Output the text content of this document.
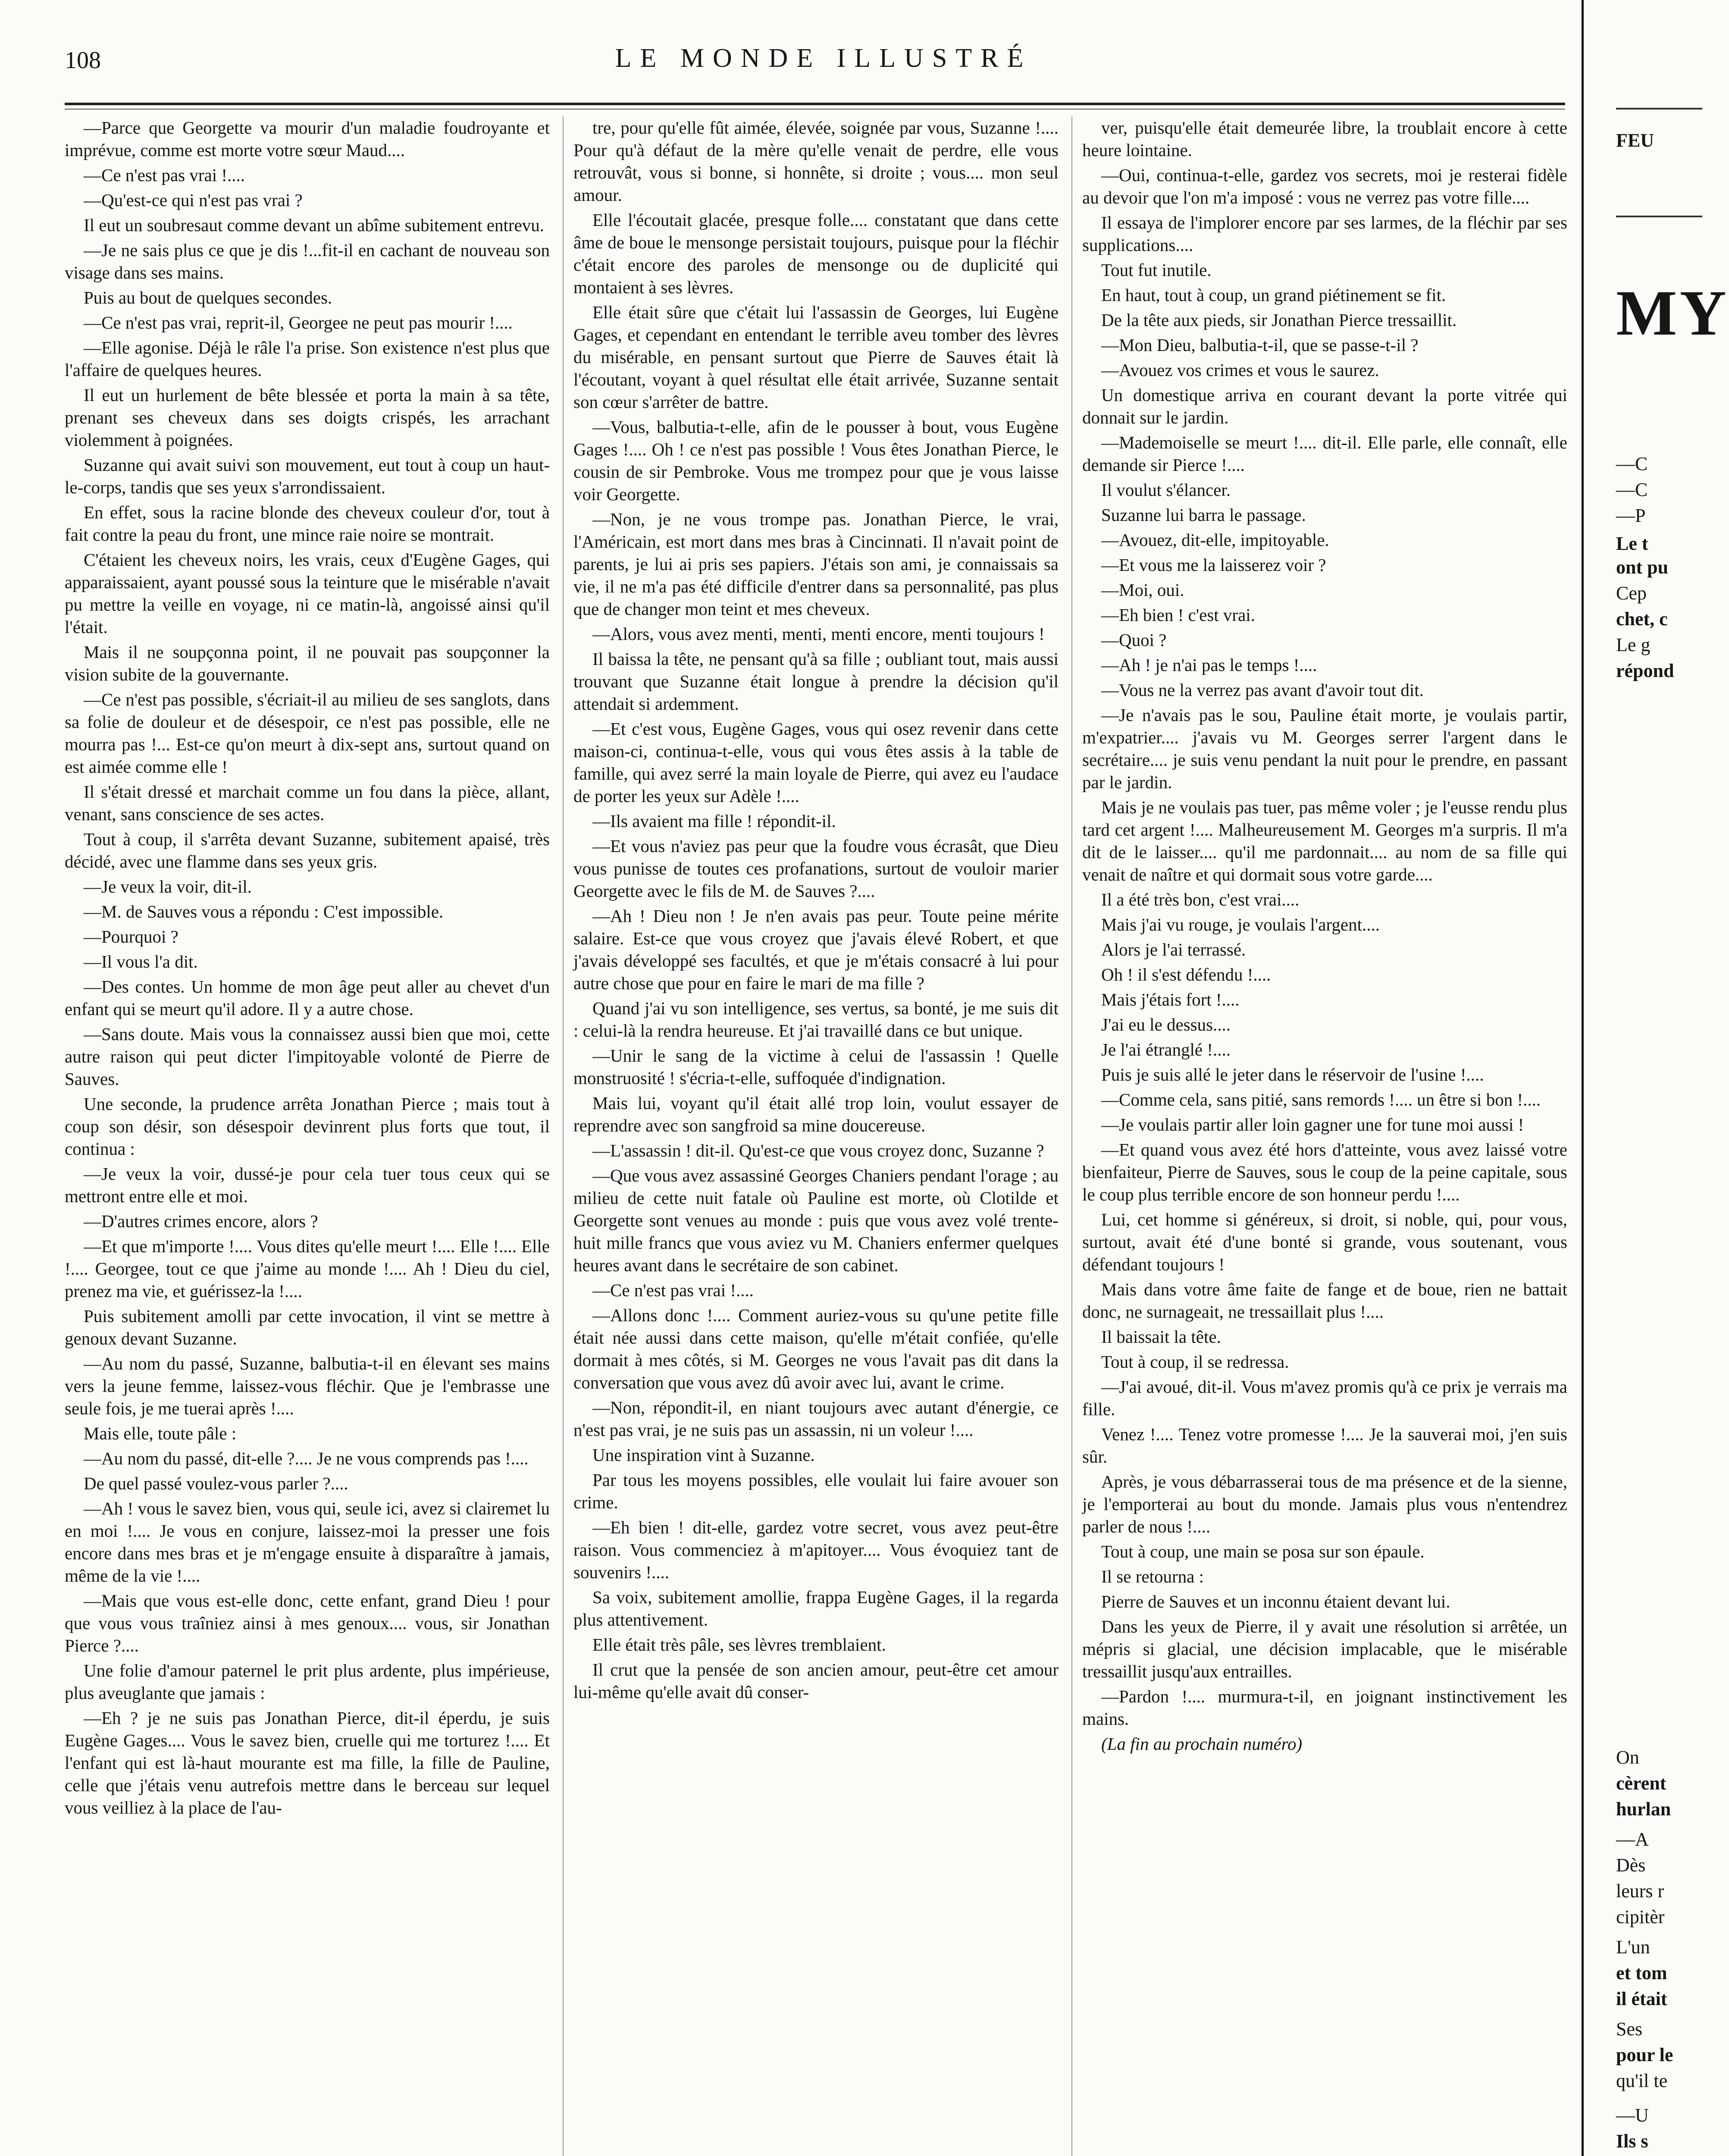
108	LE MONDE ILLUSTRÉ

—Parce que Georgette va mourir d'un maladie foudroyante et imprévue, comme est morte votre sœur Maud....

—Ce n'est pas vrai !....

—Qu'est-ce qui n'est pas vrai ?

Il eut un soubresaut comme devant un abîme subitement entrevu.

—Je ne sais plus ce que je dis !...fit-il en cachant de nouveau son visage dans ses mains.

Puis au bout de quelques secondes.

—Ce n'est pas vrai, reprit-il, Georgee ne peut pas mourir !....

—Elle agonise. Déjà le râle l'a prise. Son existence n'est plus que l'affaire de quelques heures.

Il eut un hurlement de bête blessée et porta la main à sa tête, prenant ses cheveux dans ses doigts crispés, les arrachant violemment à poignées.

Suzanne qui avait suivi son mouvement, eut tout à coup un haut-le-corps, tandis que ses yeux s'arrondissaient.

En effet, sous la racine blonde des cheveux couleur d'or, tout à fait contre la peau du front, une mince raie noire se montrait.

C'étaient les cheveux noirs, les vrais, ceux d'Eugène Gages, qui apparaissaient, ayant poussé sous la teinture que le misérable n'avait pu mettre la veille en voyage, ni ce matin-là, angoissé ainsi qu'il l'était.

Mais il ne soupçonna point, il ne pouvait pas soupçonner la vision subite de la gouvernante.

—Ce n'est pas possible, s'écriait-il au milieu de ses sanglots, dans sa folie de douleur et de désespoir, ce n'est pas possible, elle ne mourra pas !... Est-ce qu'on meurt à dix-sept ans, surtout quand on est aimée comme elle !

Il s'était dressé et marchait comme un fou dans la pièce, allant, venant, sans conscience de ses actes.

Tout à coup, il s'arrêta devant Suzanne, subitement apaisé, très décidé, avec une flamme dans ses yeux gris.

—Je veux la voir, dit-il.

—M. de Sauves vous a répondu : C'est impossible.

—Pourquoi ?

—Il vous l'a dit.

—Des contes. Un homme de mon âge peut aller au chevet d'un enfant qui se meurt qu'il adore. Il y a autre chose.

—Sans doute. Mais vous la connaissez aussi bien que moi, cette autre raison qui peut dicter l'impitoyable volonté de Pierre de Sauves.

Une seconde, la prudence arrêta Jonathan Pierce ; mais tout à coup son désir, son désespoir devinrent plus forts que tout, il continua :

—Je veux la voir, dussé-je pour cela tuer tous ceux qui se mettront entre elle et moi.

—D'autres crimes encore, alors ?

—Et que m'importe !.... Vous dites qu'elle meurt !.... Elle !.... Elle !.... Georgee, tout ce que j'aime au monde !.... Ah ! Dieu du ciel, prenez ma vie, et guérissez-la !....

Puis subitement amolli par cette invocation, il vint se mettre à genoux devant Suzanne.

—Au nom du passé, Suzanne, balbutia-t-il en élevant ses mains vers la jeune femme, laissez-vous fléchir. Que je l'embrasse une seule fois, je me tuerai après !....

Mais elle, toute pâle :

—Au nom du passé, dit-elle ?.... Je ne vous comprends pas !....

De quel passé voulez-vous parler ?....

—Ah ! vous le savez bien, vous qui, seule ici, avez si clairemet lu en moi !.... Je vous en conjure, laissez-moi la presser une fois encore dans mes bras et je m'engage ensuite à disparaître à jamais, même de la vie !....

—Mais que vous est-elle donc, cette enfant, grand Dieu ! pour que vous vous traîniez ainsi à mes genoux.... vous, sir Jonathan Pierce ?....

Une folie d'amour paternel le prit plus ardente, plus impérieuse, plus aveuglante que jamais :

—Eh ? je ne suis pas Jonathan Pierce, dit-il éperdu, je suis Eugène Gages.... Vous le savez bien, cruelle qui me torturez !.... Et l'enfant qui est là-haut mourante est ma fille, la fille de Pauline, celle que j'étais venu autrefois mettre dans le berceau sur lequel vous veilliez à la place de l'au-

tre, pour qu'elle fût aimée, élevée, soignée par vous, Suzanne !.... Pour qu'à défaut de la mère qu'elle venait de perdre, elle vous retrouvât, vous si bonne, si honnête, si droite ; vous.... mon seul amour.

Elle l'écoutait glacée, presque folle.... constatant que dans cette âme de boue le mensonge persistait toujours, puisque pour la fléchir c'était encore des paroles de mensonge ou de duplicité qui montaient à ses lèvres.

Elle était sûre que c'était lui l'assassin de Georges, lui Eugène Gages, et cependant en entendant le terrible aveu tomber des lèvres du misérable, en pensant surtout que Pierre de Sauves était là l'écoutant, voyant à quel résultat elle était arrivée, Suzanne sentait son cœur s'arrêter de battre.

—Vous, balbutia-t-elle, afin de le pousser à bout, vous Eugène Gages !.... Oh ! ce n'est pas possible ! Vous êtes Jonathan Pierce, le cousin de sir Pembroke. Vous me trompez pour que je vous laisse voir Georgette.

—Non, je ne vous trompe pas. Jonathan Pierce, le vrai, l'Américain, est mort dans mes bras à Cincinnati. Il n'avait point de parents, je lui ai pris ses papiers. J'étais son ami, je connaissais sa vie, il ne m'a pas été difficile d'entrer dans sa personnalité, pas plus que de changer mon teint et mes cheveux.

—Alors, vous avez menti, menti, menti encore, menti toujours !

Il baissa la tête, ne pensant qu'à sa fille ; oubliant tout, mais aussi trouvant que Suzanne était longue à prendre la décision qu'il attendait si ardemment.

—Et c'est vous, Eugène Gages, vous qui osez revenir dans cette maison-ci, continua-t-elle, vous qui vous êtes assis à la table de famille, qui avez serré la main loyale de Pierre, qui avez eu l'audace de porter les yeux sur Adèle !....

—Ils avaient ma fille ! répondit-il.

—Et vous n'aviez pas peur que la foudre vous écrasât, que Dieu vous punisse de toutes ces profanations, surtout de vouloir marier Georgette avec le fils de M. de Sauves ?....

—Ah ! Dieu non ! Je n'en avais pas peur. Toute peine mérite salaire. Est-ce que vous croyez que j'avais élevé Robert, et que j'avais développé ses facultés, et que je m'étais consacré à lui pour autre chose que pour en faire le mari de ma fille ?

Quand j'ai vu son intelligence, ses vertus, sa bonté, je me suis dit : celui-là la rendra heureuse. Et j'ai travaillé dans ce but unique.

—Unir le sang de la victime à celui de l'assassin ! Quelle monstruosité ! s'écria-t-elle, suffoquée d'indignation.

Mais lui, voyant qu'il était allé trop loin, voulut essayer de reprendre avec son sangfroid sa mine doucereuse.

—L'assassin ! dit-il. Qu'est-ce que vous croyez donc, Suzanne ?

—Que vous avez assassiné Georges Chaniers pendant l'orage ; au milieu de cette nuit fatale où Pauline est morte, où Clotilde et Georgette sont venues au monde : puis que vous avez volé trente-huit mille francs que vous aviez vu M. Chaniers enfermer quelques heures avant dans le secrétaire de son cabinet.

—Ce n'est pas vrai !....

—Allons donc !.... Comment auriez-vous su qu'une petite fille était née aussi dans cette maison, qu'elle m'était confiée, qu'elle dormait à mes côtés, si M. Georges ne vous l'avait pas dit dans la conversation que vous avez dû avoir avec lui, avant le crime.

—Non, répondit-il, en niant toujours avec autant d'énergie, ce n'est pas vrai, je ne suis pas un assassin, ni un voleur !....

Une inspiration vint à Suzanne.

Par tous les moyens possibles, elle voulait lui faire avouer son crime.

—Eh bien ! dit-elle, gardez votre secret, vous avez peut-être raison. Vous commenciez à m'apitoyer.... Vous évoquiez tant de souvenirs !....

Sa voix, subitement amollie, frappa Eugène Gages, il la regarda plus attentivement.

Elle était très pâle, ses lèvres tremblaient.

Il crut que la pensée de son ancien amour, peut-être cet amour lui-même qu'elle avait dû conser-

ver, puisqu'elle était demeurée libre, la troublait encore à cette heure lointaine.

—Oui, continua-t-elle, gardez vos secrets, moi je resterai fidèle au devoir que l'on m'a imposé : vous ne verrez pas votre fille....

Il essaya de l'implorer encore par ses larmes, de la fléchir par ses supplications....

Tout fut inutile.

En haut, tout à coup, un grand piétinement se fit.

De la tête aux pieds, sir Jonathan Pierce tressaillit.

—Mon Dieu, balbutia-t-il, que se passe-t-il ?

—Avouez vos crimes et vous le saurez.

Un domestique arriva en courant devant la porte vitrée qui donnait sur le jardin.

—Mademoiselle se meurt !.... dit-il. Elle parle, elle connaît, elle demande sir Pierce !....

Il voulut s'élancer.

Suzanne lui barra le passage.

—Avouez, dit-elle, impitoyable.

—Et vous me la laisserez voir ?

—Moi, oui.

—Eh bien ! c'est vrai.

—Quoi ?

—Ah ! je n'ai pas le temps !....

—Vous ne la verrez pas avant d'avoir tout dit.

—Je n'avais pas le sou, Pauline était morte, je voulais partir, m'expatrier.... j'avais vu M. Georges serrer l'argent dans le secrétaire.... je suis venu pendant la nuit pour le prendre, en passant par le jardin.

Mais je ne voulais pas tuer, pas même voler ; je l'eusse rendu plus tard cet argent !.... Malheureusement M. Georges m'a surpris. Il m'a dit de le laisser.... qu'il me pardonnait.... au nom de sa fille qui venait de naître et qui dormait sous votre garde....

Il a été très bon, c'est vrai....

Mais j'ai vu rouge, je voulais l'argent....

Alors je l'ai terrassé.

Oh ! il s'est défendu !....

Mais j'étais fort !....

J'ai eu le dessus....

Je l'ai étranglé !....

Puis je suis allé le jeter dans le réservoir de l'usine !....

—Comme cela, sans pitié, sans remords !.... un être si bon !....

—Je voulais partir aller loin gagner une for tune moi aussi !

—Et quand vous avez été hors d'atteinte, vous avez laissé votre bienfaiteur, Pierre de Sauves, sous le coup de la peine capitale, sous le coup plus terrible encore de son honneur perdu !....

Lui, cet homme si généreux, si droit, si noble, qui, pour vous, surtout, avait été d'une bonté si grande, vous soutenant, vous défendant toujours !

Mais dans votre âme faite de fange et de boue, rien ne battait donc, ne surnageait, ne tressaillait plus !....

Il baissait la tête.

Tout à coup, il se redressa.

—J'ai avoué, dit-il. Vous m'avez promis qu'à ce prix je verrais ma fille.

Venez !.... Tenez votre promesse !.... Je la sauverai moi, j'en suis sûr.

Après, je vous débarrasserai tous de ma présence et de la sienne, je l'emporterai au bout du monde. Jamais plus vous n'entendrez parler de nous !....

Tout à coup, une main se posa sur son épaule.

Il se retourna :

Pierre de Sauves et un inconnu étaient devant lui.

Dans les yeux de Pierre, il y avait une résolution si arrêtée, un mépris si glacial, une décision implacable, que le misérable tressaillit jusqu'aux entrailles.

—Pardon !.... murmura-t-il, en joignant instinctivement les mains.

(La fin au prochain numéro)

FEU
MY
—C
—C
—P
Le t
ont pu
Cep
chet, c
Le g
répond
On
cèrent
hurlan
—A
Dès
leurs r
cipitèr
L'un
et tom
il était
Ses
pour le
qu'il te
—U
Ils s
